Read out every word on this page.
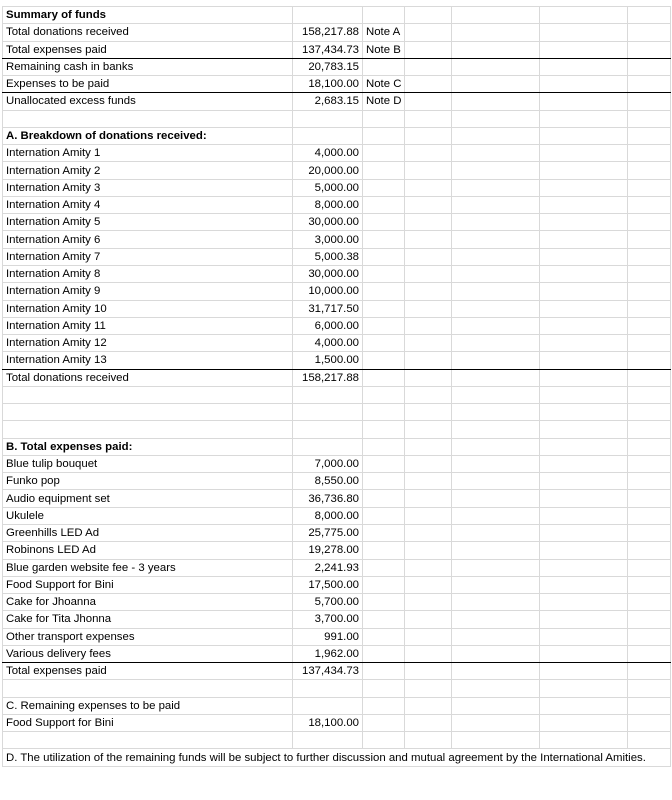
Summary of funds						
Total donations received	158,217.88	Note A				
Total expenses paid	137,434.73	Note B				
Remaining cash in banks	20,783.15					
Expenses to be paid	18,100.00	Note C				
Unallocated excess funds	2,683.15	Note D				

A. Breakdown of donations received:						
Internation Amity 1	4,000.00					
Internation Amity 2	20,000.00					
Internation Amity 3	5,000.00					
Internation Amity 4	8,000.00					
Internation Amity 5	30,000.00					
Internation Amity 6	3,000.00					
Internation Amity 7	5,000.38					
Internation Amity 8	30,000.00					
Internation Amity 9	10,000.00					
Internation Amity 10	31,717.50					
Internation Amity 11	6,000.00					
Internation Amity 12	4,000.00					
Internation Amity 13	1,500.00					
Total donations received	158,217.88					

B. Total expenses paid:						
Blue tulip bouquet	7,000.00					
Funko pop	8,550.00					
Audio equipment set	36,736.80					
Ukulele	8,000.00					
Greenhills LED Ad	25,775.00					
Robinons LED Ad	19,278.00					
Blue garden website fee - 3 years	2,241.93					
Food Support for Bini	17,500.00					
Cake for Jhoanna	5,700.00					
Cake for Tita Jhonna	3,700.00					
Other transport expenses	991.00					
Various delivery fees	1,962.00					
Total expenses paid	137,434.73					

C. Remaining expenses to be paid						
Food Support for Bini	18,100.00					

D. The utilization of the remaining funds will be subject to further discussion and mutual agreement by the International Amities.						
